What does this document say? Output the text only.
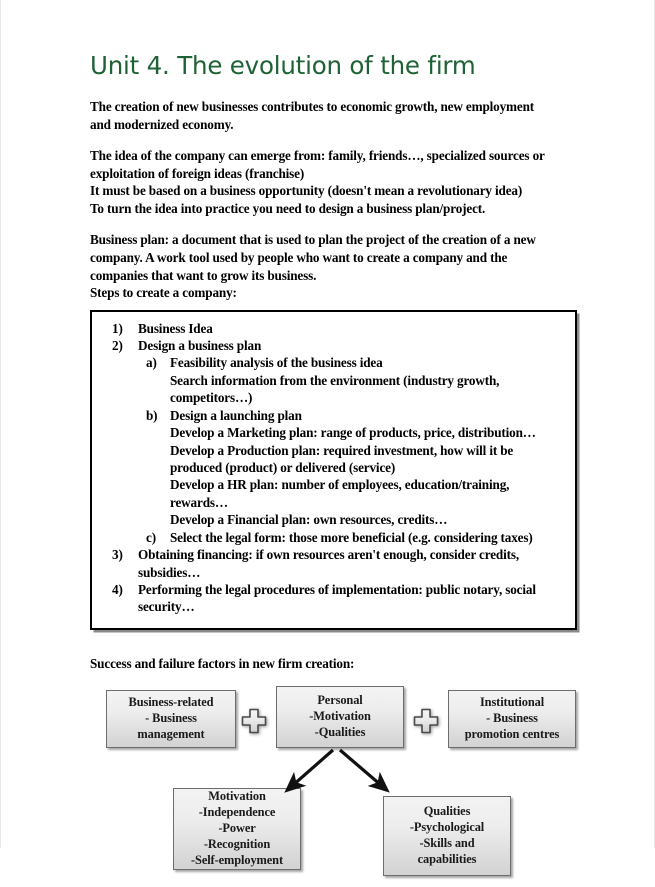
Unit 4. The evolution of the firm

The creation of new businesses contributes to economic growth, new employment
and modernized economy.

The idea of the company can emerge from: family, friends…, specialized sources or
exploitation of foreign ideas (franchise)
It must be based on a business opportunity (doesn't mean a revolutionary idea)
To turn the idea into practice you need to design a business plan/project.

Business plan: a document that is used to plan the project of the creation of a new
company. A work tool used by people who want to create a company and the
companies that want to grow its business.
Steps to create a company:

1)	Business Idea
2)	Design a business plan
a)	Feasibility analysis of the business idea
Search information from the environment (industry growth,
competitors…)
b) Design a launching plan
Develop a Marketing plan: range of products, price, distribution…
Develop a Production plan: required investment, how will it be
produced (product) or delivered (service)
Develop a HR plan: number of employees, education/training,
rewards…
Develop a Financial plan: own resources, credits…
c)	Select the legal form: those more beneficial (e.g. considering taxes)
3)	Obtaining financing: if own resources aren't enough, consider credits,
subsidies…
4)	Performing the legal procedures of implementation: public notary, social
security…

Success and failure factors in new firm creation:

Business-related
- Business
management
Personal
-Motivation
-Qualities
Institutional
- Business
promotion centres
Motivation
-Independence
-Power
-Recognition
-Self-employment
Qualities
-Psychological
-Skills and
capabilities
